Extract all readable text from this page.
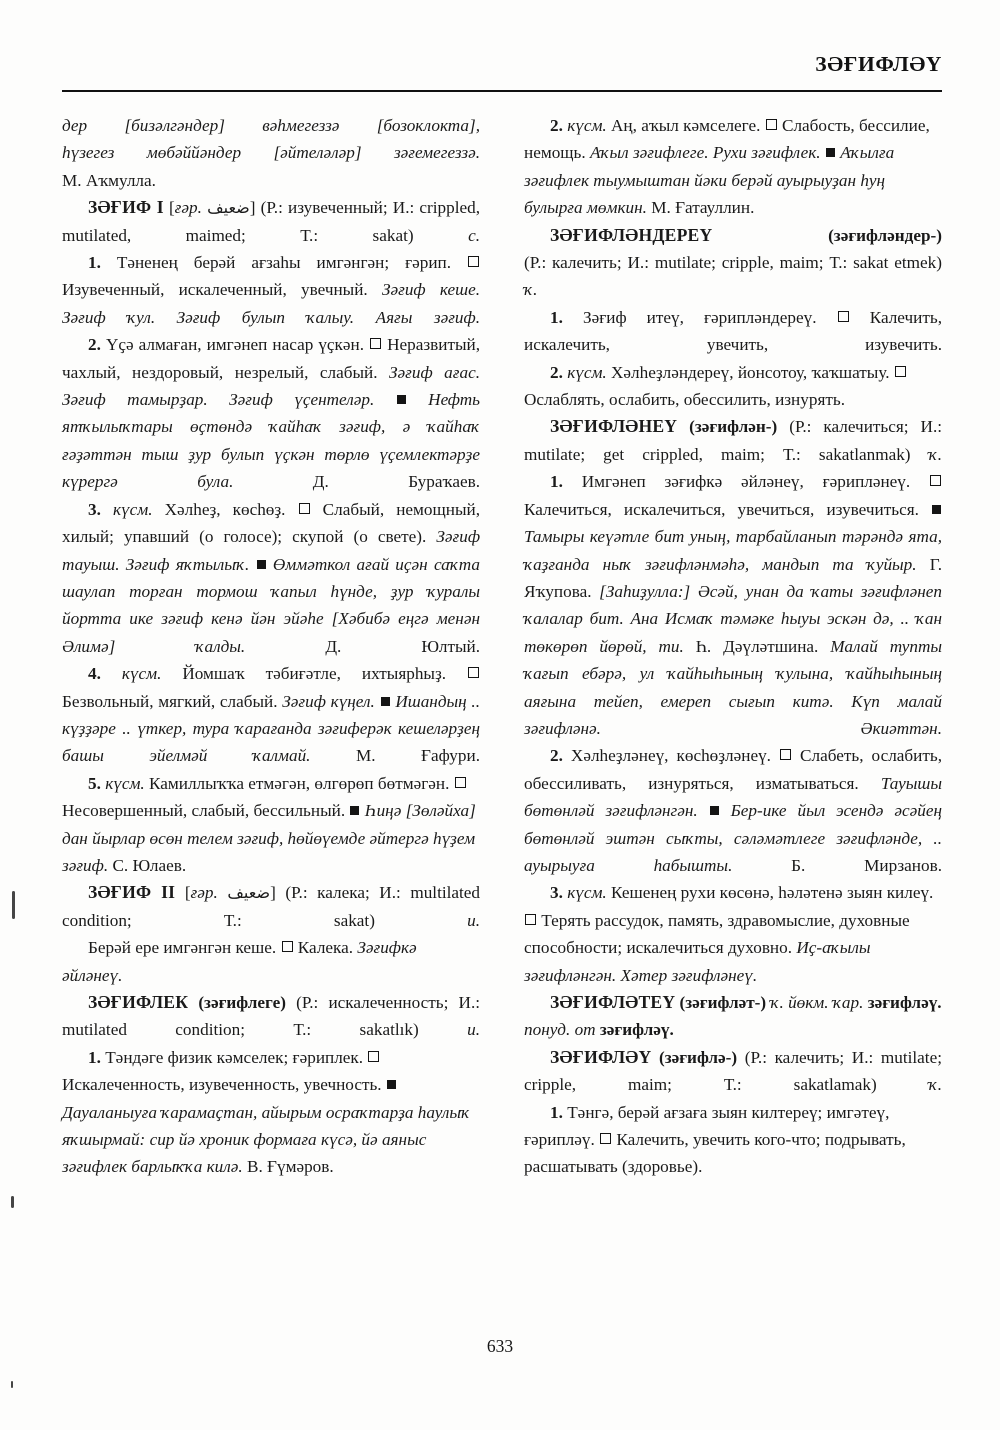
ЗӘҒИФЛӘҮ

дер [бизәлгәндер] вәһмегеззә [бозоклокта],

һүзегез мөбәййәндер [әйтеләләр] зәғемегеззә.

М. Аҡмулла.

ЗӘҒИФ I [ғәр. ضعيف] (Р.: изувеченный; И.: crippled, mutilated, maimed; Т.: sakat)	с.

1. Тәненең берәй ағзаһы имгәнгән; ғәрип.  Изувеченный, искалеченный, увечный. Зәғиф кеше. Зәғиф ҡул. Зәғиф булып ҡалыу. Аяғы зәғиф.

2. Үҫә алмаған, имгәнеп насар үҫкән. Неразвитый, чахлый, нездоровый, незрелый, слабый. Зәғиф ағас. Зәғиф тамырҙар. Зәғиф үҫентеләр.	Нефть ятҡылыҡтары өҫтөндә ҡайһаҡ зәғиф, ә ҡайһаҡ ғәҙәттән тыш ҙур булып үҫкән төрлө үҫемлектәрҙе күрергә була.	Д. Бураҡаев.

3. күсм. Хәлһеҙ, көсһөҙ. Слабый, немощный, хилый; упавший (о голосе); скупой (о свете). Зәғиф тауыш. Зәғиф яҡтылыҡ. Өммәткол ағай иҫән саҡта шаулап торған тормош ҡапыл һүнде, ҙур ҡуралы йортта ике зәғиф кенә йән эйәһе [Хәбибә еңгә менән Әлимә] ҡалды.	Д. Юлтый.

4. күсм. Йомшаҡ тәбиғәтле, ихтыярһыҙ.  Безвольный, мягкий, слабый. Зәғиф күңел. Ишандың .. күҙҙәре .. үткер, тура ҡарағанда зәғиферәк кешеләрҙең башы эйелмәй ҡалмай.	М. Ғафури.

5. күсм. Камиллыҡҡа етмәгән, өлгөрөп бөтмәгән.  Несовершенный, слабый, бессильный. Һиңә [Зөләйха] дан йырлар өсөн телем зәғиф, һөйөүемде әйтергә һүҙем зәғиф. С. Юлаев.

ЗӘҒИФ II [ғәр. ضعيف] (Р.: калека; И.: multilated condition; Т.: sakat)	и.

Берәй ере имгәнгән кеше. Калека. Зәғифкә әйләнеү.

ЗӘҒИФЛЕК (зәғифлеге) (Р.: искалеченность; И.: mutilated condition; Т.: sakatlık)	и.

1. Тәндәге физик кәмселек; ғәриплек.  Искалеченность, изувеченность, увечность.  Дауаланыуға ҡарамаҫтан, айырым осраҡтарҙа һаулыҡ яҡшырмай: сир йә хроник формаға күсә, йә аяныс зәғифлек барлыҡҡа килә. В. Ғүмәров.

2. күсм. Аң, аҡыл кәмселеге. Слабость, бессилие, немощь. Аҡыл зәғифлеге. Рухи зәғифлек. Аҡылға зәғифлек тыумыштан йәки берәй ауырыуҙан һуң булырға мөмкин. М. Ғатауллин.

ЗӘҒИФЛӘНДЕРЕҮ	(зәғифләндер-)

(Р.: калечить; И.: mutilate; cripple, maim; Т.: sakat etmek) ҡ.

1. Зәғиф итеү, ғәрипләндереү.	Калечить, искалечить, увечить, изувечить.

2. күсм. Хәлһеҙләндереү, йонсотоу, ҡаҡшатыу.  Ослаблять, ослабить, обессилить, изнурять.

ЗӘҒИФЛӘНЕҮ (зәғифлән-) (Р.: калечиться; И.: mutilate; get crippled, maim; Т.: sakatlanmak) ҡ.

1. Имгәнеп зәғифкә әйләнеү, ғәрипләнеү.  Калечиться, искалечиться, увечиться, изувечиться.  Тамыры кеүәтле бит уның, тарбайланып тәрәндә ята, ҡаҙғанда ныҡ зәғифләнмәһә, мандып та ҡуйыр. Г. Яҡупова. [Заһиҙулла:] Әсәй, унан да ҡаты зәғифләнеп ҡалалар бит. Ана Исмаҡ тәмәке һыуы эскән дә, .. ҡан төкөрөп йөрөй, ти. Һ. Дәүләтшина. Малай тупты ҡағып ебәрә, ул ҡайһыһының ҡулына, ҡайһыһының аяғына тейеп, емереп сығып китә. Күп малай зәғифләнә.	Әкиәттән.

2. Хәлһеҙләнеү, көсһөҙләнеү. Слабеть, ослабить, обессиливать, изнуряться, изматываться. Тауышы бөтөнләй зәғифләнгән. Бер-ике йыл эсендә әсәйең бөтөнләй эштән сыҡты, сәләмәтлеге зәғифләнде, .. ауырыуға һабышты.	Б. Мирзанов.

3. күсм. Кешенең рухи көсөнә, һәләтенә зыян килеү.  Терять рассудок, память, здравомыслие, духовные способности; искалечиться духовно. Иҫ-аҡылы зәғифләнгән. Хәтер зәғифләнеү.

ЗӘҒИФЛӘТЕҮ (зәғифләт-) ҡ. йөкм. ҡар. зәғифләү. понуд. от зәғифләү.

ЗӘҒИФЛӘҮ (зәғифлә-) (Р.: калечить; И.: mutilate; cripple, maim; Т.: sakatlamak)	ҡ.

1. Тәнгә, берәй ағзаға зыян килтереү; имгәтеү, ғәрипләү. Калечить, увечить кого-что; подрывать, расшатывать (здоровье).

633
